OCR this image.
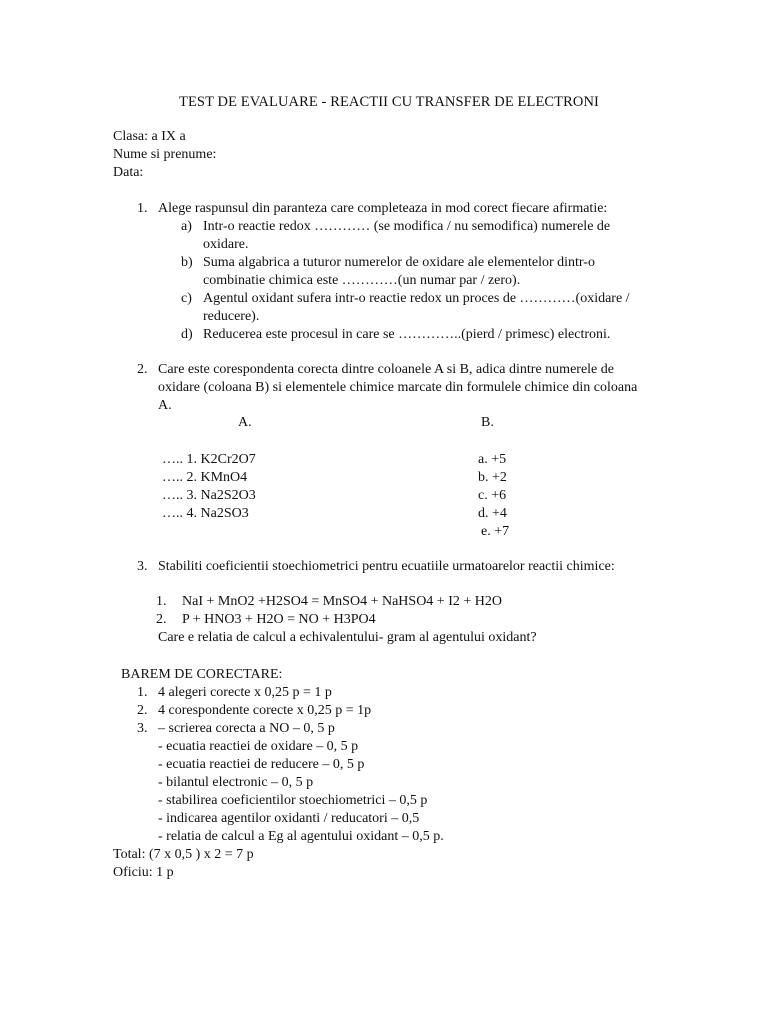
TEST DE EVALUARE - REACTII CU TRANSFER DE ELECTRONI
Clasa: a IX a
Nume si prenume:
Data:
1. Alege raspunsul din paranteza care completeaza in mod corect fiecare afirmatie:
a) Intr-o reactie redox ………… (se modifica / nu semodifica) numerele de oxidare.
b) Suma algabrica a tuturor numerelor de oxidare ale elementelor dintr-o combinatie chimica este …………(un numar par / zero).
c) Agentul oxidant sufera intr-o reactie redox un proces de …………(oxidare / reducere).
d) Reducerea este procesul in care se …………..(pierd / primesc) electroni.
2. Care este corespondenta corecta dintre coloanele A si B, adica dintre numerele de oxidare (coloana B) si elementele chimice marcate din formulele chimice din coloana A.
A.	B.
….. 1. K2Cr2O7
….. 2. KMnO4
….. 3. Na2S2O3
….. 4. Na2SO3
a. +5
b. +2
c. +6
d. +4
e. +7
3. Stabiliti coeficientii stoechiometrici pentru ecuatiile urmatoarelor reactii chimice:
1. NaI + MnO2 +H2SO4 = MnSO4 + NaHSO4 + I2 + H2O
2. P + HNO3 + H2O = NO + H3PO4
Care e relatia de calcul a echivalentului- gram al agentului oxidant?
BAREM DE CORECTARE:
1. 4 alegeri corecte x 0,25 p = 1 p
2. 4 corespondente corecte x 0,25 p = 1p
3. – scrierea corecta a NO – 0, 5 p
- ecuatia reactiei de oxidare – 0, 5 p
- ecuatia reactiei de reducere – 0, 5 p
- bilantul electronic – 0, 5 p
- stabilirea coeficientilor stoechiometrici – 0,5 p
- indicarea agentilor oxidanti / reducatori – 0,5
- relatia de calcul a Eg al agentului oxidant – 0,5 p.
Total: (7 x 0,5 ) x 2 = 7 p
Oficiu: 1 p
